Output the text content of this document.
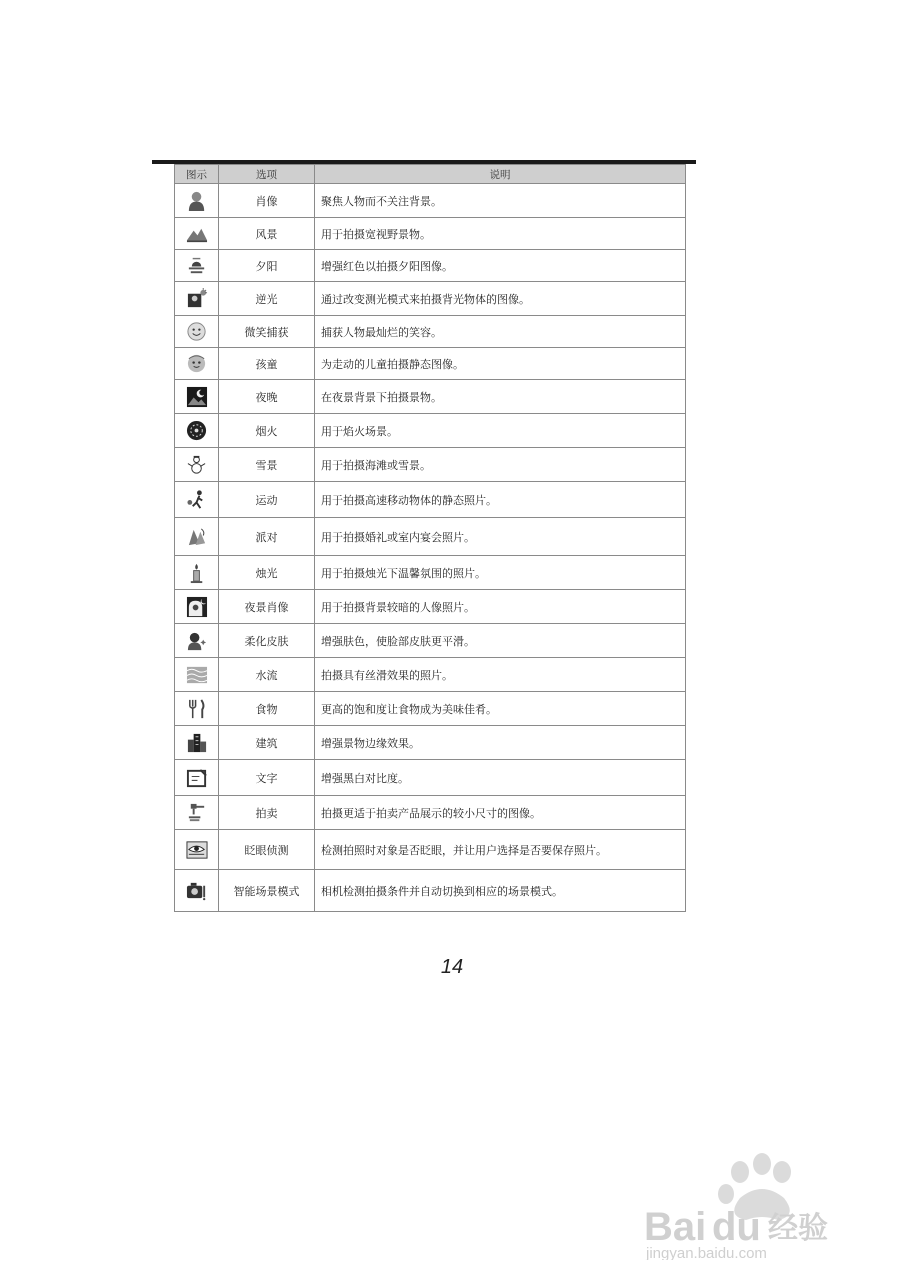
图示	选项	说明
	肖像	聚焦人物而不关注背景。
	风景	用于拍摄宽视野景物。
	夕阳	增强红色以拍摄夕阳图像。
	逆光	通过改变测光模式来拍摄背光物体的图像。
	微笑捕获	捕获人物最灿烂的笑容。
	孩童	为走动的儿童拍摄静态图像。
	夜晚	在夜景背景下拍摄景物。
	烟火	用于焰火场景。
	雪景	用于拍摄海滩或雪景。
	运动	用于拍摄高速移动物体的静态照片。
	派对	用于拍摄婚礼或室内宴会照片。
	烛光	用于拍摄烛光下温馨氛围的照片。
	夜景肖像	用于拍摄背景较暗的人像照片。
	柔化皮肤	增强肤色，使脸部皮肤更平滑。
	水流	拍摄具有丝滑效果的照片。
	食物	更高的饱和度让食物成为美味佳肴。
	建筑	增强景物边缘效果。
	文字	增强黑白对比度。
	拍卖	拍摄更适于拍卖产品展示的较小尺寸的图像。
	眨眼侦测	检测拍照时对象是否眨眼，并让用户选择是否要保存照片。
	智能场景模式	相机检测拍摄条件并自动切换到相应的场景模式。
14
Bai du 经验
jingyan.baidu.com
